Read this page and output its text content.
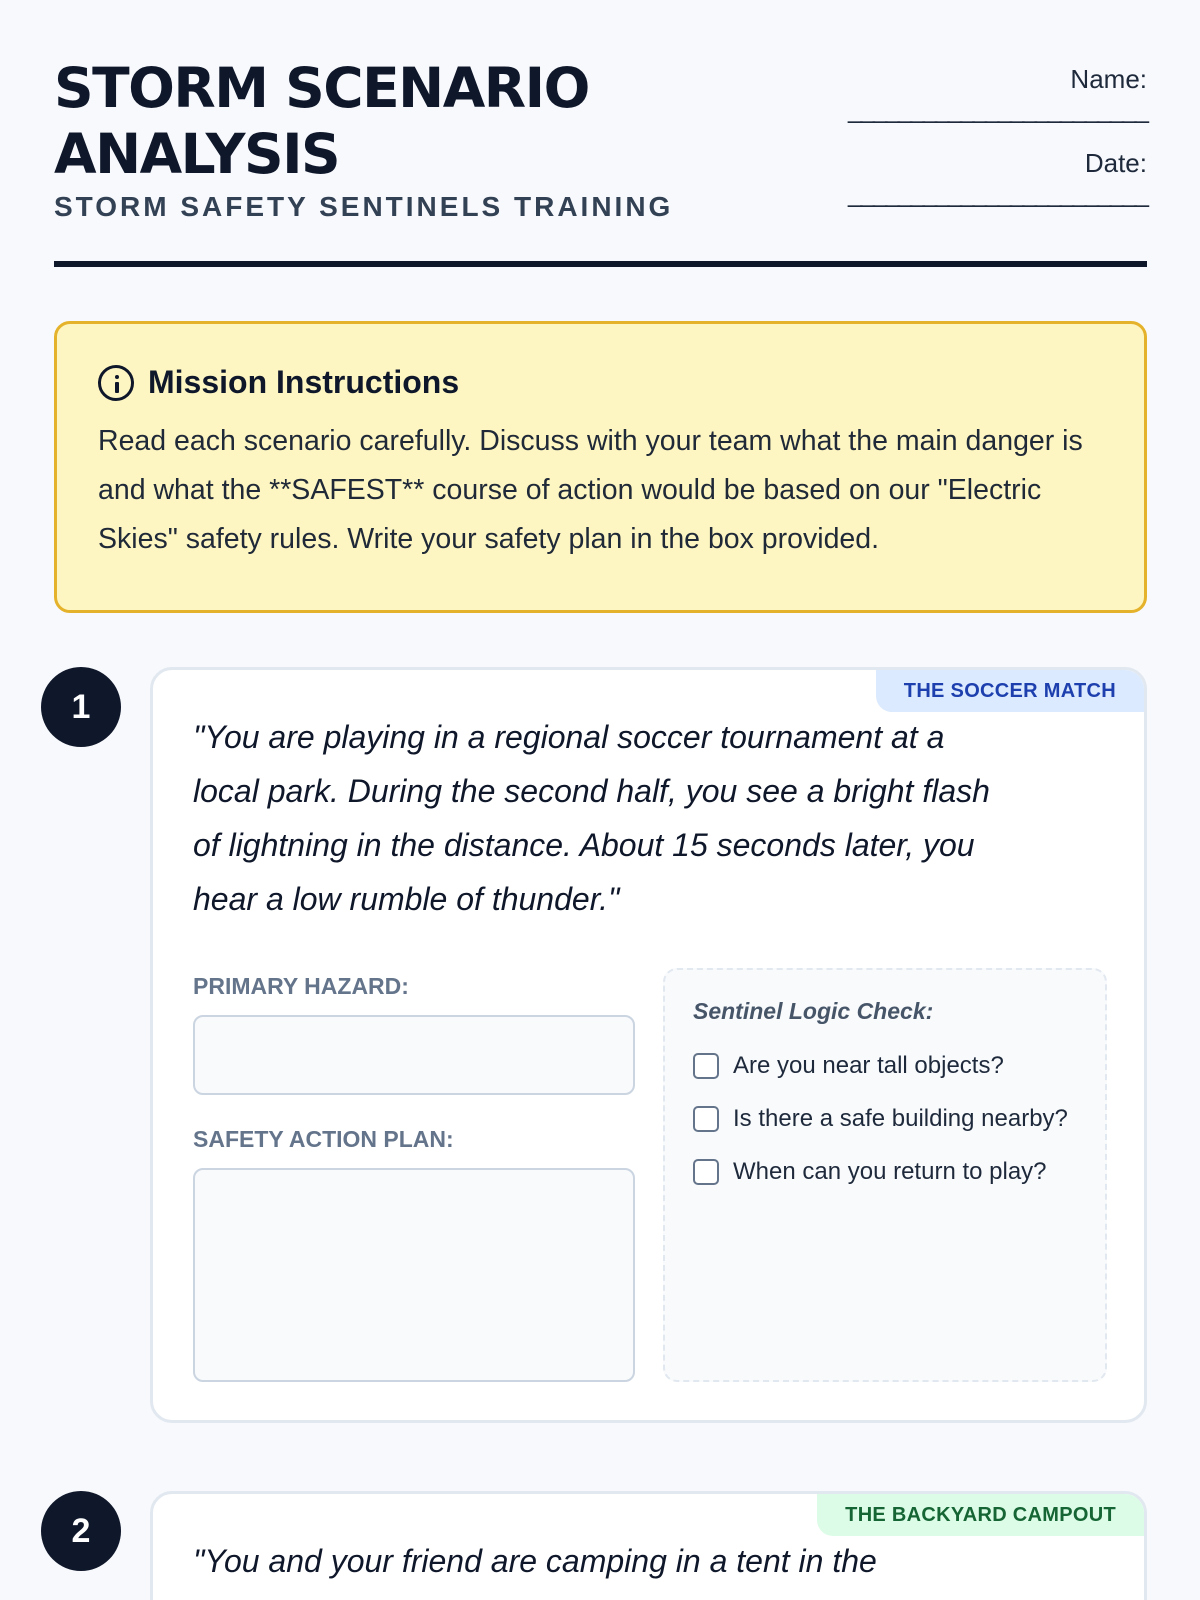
STORM SCENARIO ANALYSIS
STORM SAFETY SENTINELS TRAINING
Name:
________________________
Date:
________________________
Mission Instructions
Read each scenario carefully. Discuss with your team what the main danger is and what the **SAFEST** course of action would be based on our "Electric Skies" safety rules. Write your safety plan in the box provided.
1	THE SOCCER MATCH
"You are playing in a regional soccer tournament at a local park. During the second half, you see a bright flash of lightning in the distance. About 15 seconds later, you hear a low rumble of thunder."
PRIMARY HAZARD:
SAFETY ACTION PLAN:
Sentinel Logic Check:
Are you near tall objects?
Is there a safe building nearby?
When can you return to play?
2	THE BACKYARD CAMPOUT
"You and your friend are camping in a tent in the
